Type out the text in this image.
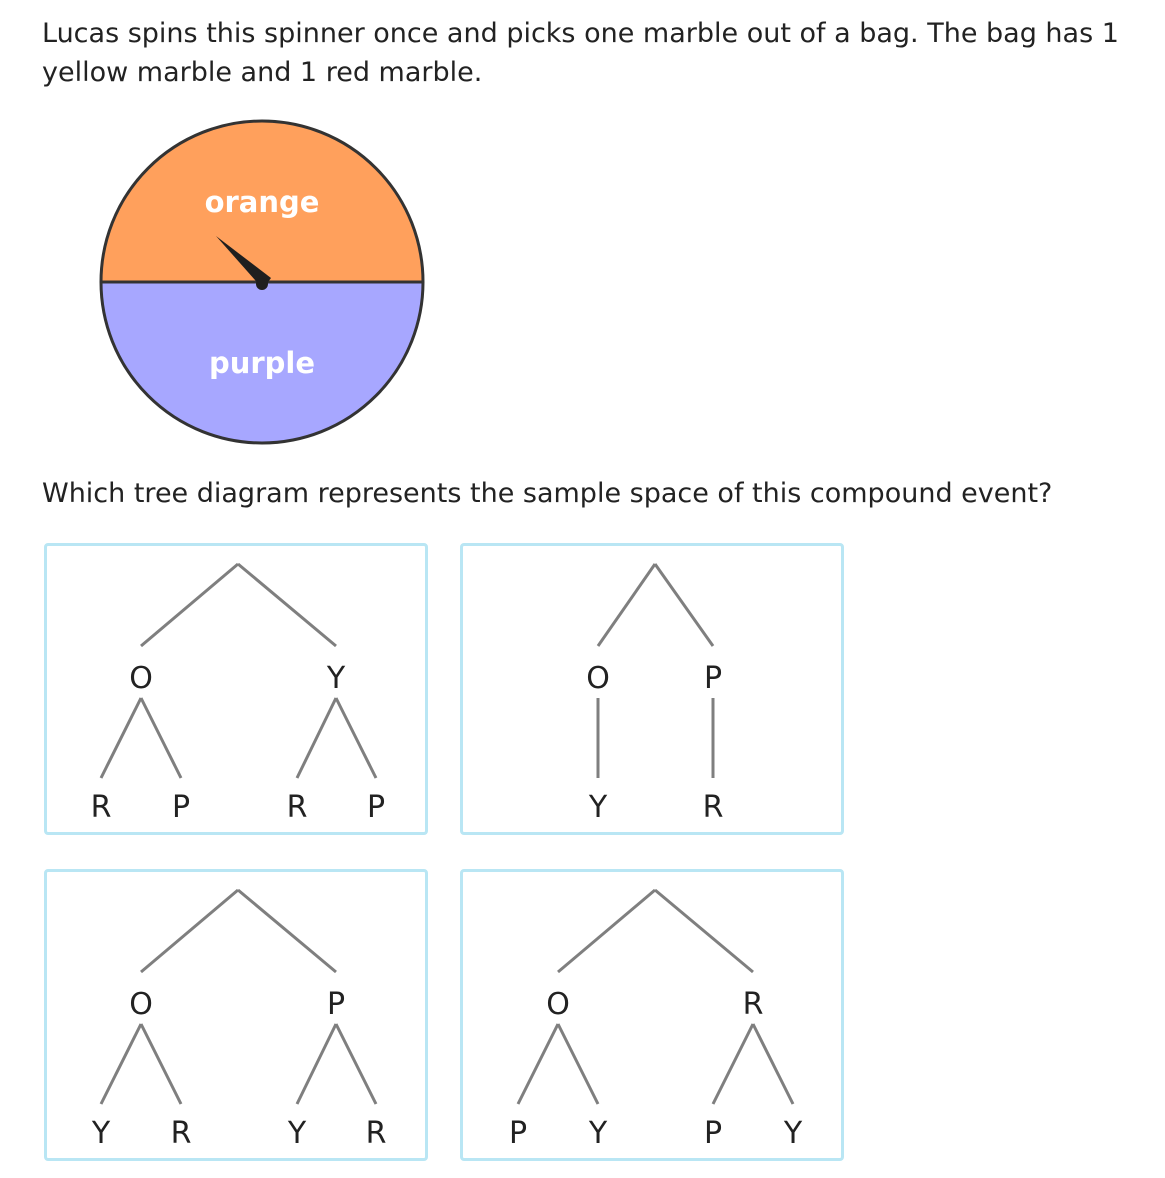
Lucas spins this spinner once and picks one marble out of a bag. The bag has 1 yellow marble and 1 red marble.

orange
purple

Which tree diagram represents the sample space of this compound event?

O	Y
R P	R P
O	P
Y	R
O	P
Y R	Y R
O	R
P Y	P Y
